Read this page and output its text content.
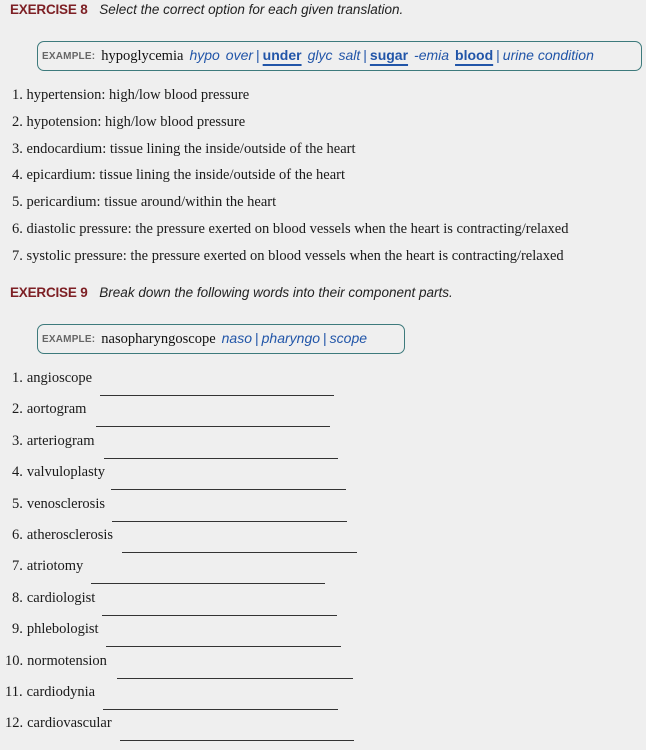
EXERCISE 8 Select the correct option for each given translation.
EXAMPLE: hypoglycemia hypo over | under glyc salt | sugar -emia blood | urine condition
1. hypertension: high/low blood pressure
2. hypotension: high/low blood pressure
3. endocardium: tissue lining the inside/outside of the heart
4. epicardium: tissue lining the inside/outside of the heart
5. pericardium: tissue around/within the heart
6. diastolic pressure: the pressure exerted on blood vessels when the heart is contracting/relaxed
7. systolic pressure: the pressure exerted on blood vessels when the heart is contracting/relaxed
EXERCISE 9 Break down the following words into their component parts.
EXAMPLE: nasopharyngoscope naso | pharyngo | scope
1. angioscope
2. aortogram
3. arteriogram
4. valvuloplasty
5. venosclerosis
6. atherosclerosis
7. atriotomy
8. cardiologist
9. phlebologist
10. normotension
11. cardiodynia
12. cardiovascular
